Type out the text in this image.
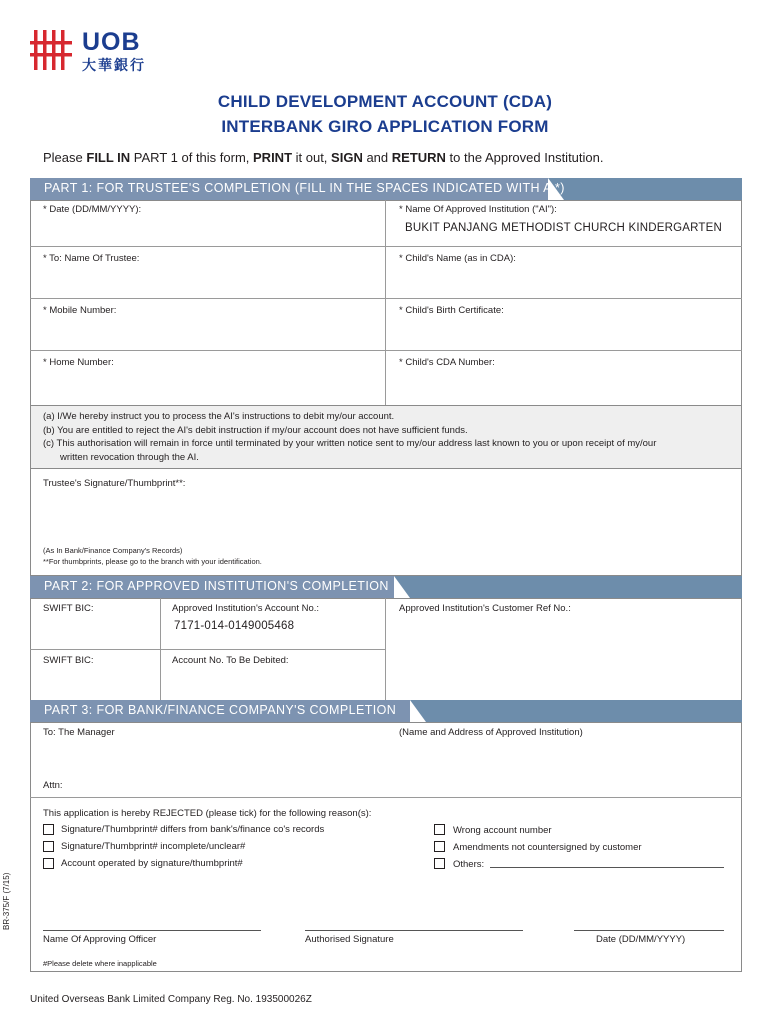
UOB
大華銀行
CHILD DEVELOPMENT ACCOUNT (CDA)
INTERBANK GIRO APPLICATION FORM
Please FILL IN PART 1 of this form, PRINT it out, SIGN and RETURN to the Approved Institution.
PART 1: FOR TRUSTEE'S COMPLETION (FILL IN THE SPACES INDICATED WITH A *)
* Date (DD/MM/YYYY):	* Name Of Approved Institution ("AI"):
BUKIT PANJANG METHODIST CHURCH KINDERGARTEN
* To: Name Of Trustee:	* Child's Name (as in CDA):
* Mobile Number:	* Child's Birth Certificate:
* Home Number:	* Child's CDA Number:
(a) I/We hereby instruct you to process the AI's instructions to debit my/our account.
(b) You are entitled to reject the AI's debit instruction if my/our account does not have sufficient funds.
(c) This authorisation will remain in force until terminated by your written notice sent to my/our address last known to you or upon receipt of my/our
written revocation through the AI.
Trustee's Signature/Thumbprint**:
(As In Bank/Finance Company's Records)
**For thumbprints, please go to the branch with your identification.
PART 2: FOR APPROVED INSTITUTION'S COMPLETION
SWIFT BIC:	Approved Institution's Account No.:
7171-014-0149005468
Approved Institution's Customer Ref No.:
SWIFT BIC:	Account No. To Be Debited:
PART 3: FOR BANK/FINANCE COMPANY'S COMPLETION
To: The Manager	(Name and Address of Approved Institution)
Attn:
This application is hereby REJECTED (please tick) for the following reason(s):
Signature/Thumbprint# differs from bank's/finance co's records
Signature/Thumbprint# incomplete/unclear#
Account operated by signature/thumbprint#
Wrong account number
Amendments not countersigned by customer
Others:
Name Of Approving Officer	Authorised Signature	Date (DD/MM/YYYY)
#Please delete where inapplicable
United Overseas Bank Limited Company Reg. No. 193500026Z
BR-375/F (7/15)
